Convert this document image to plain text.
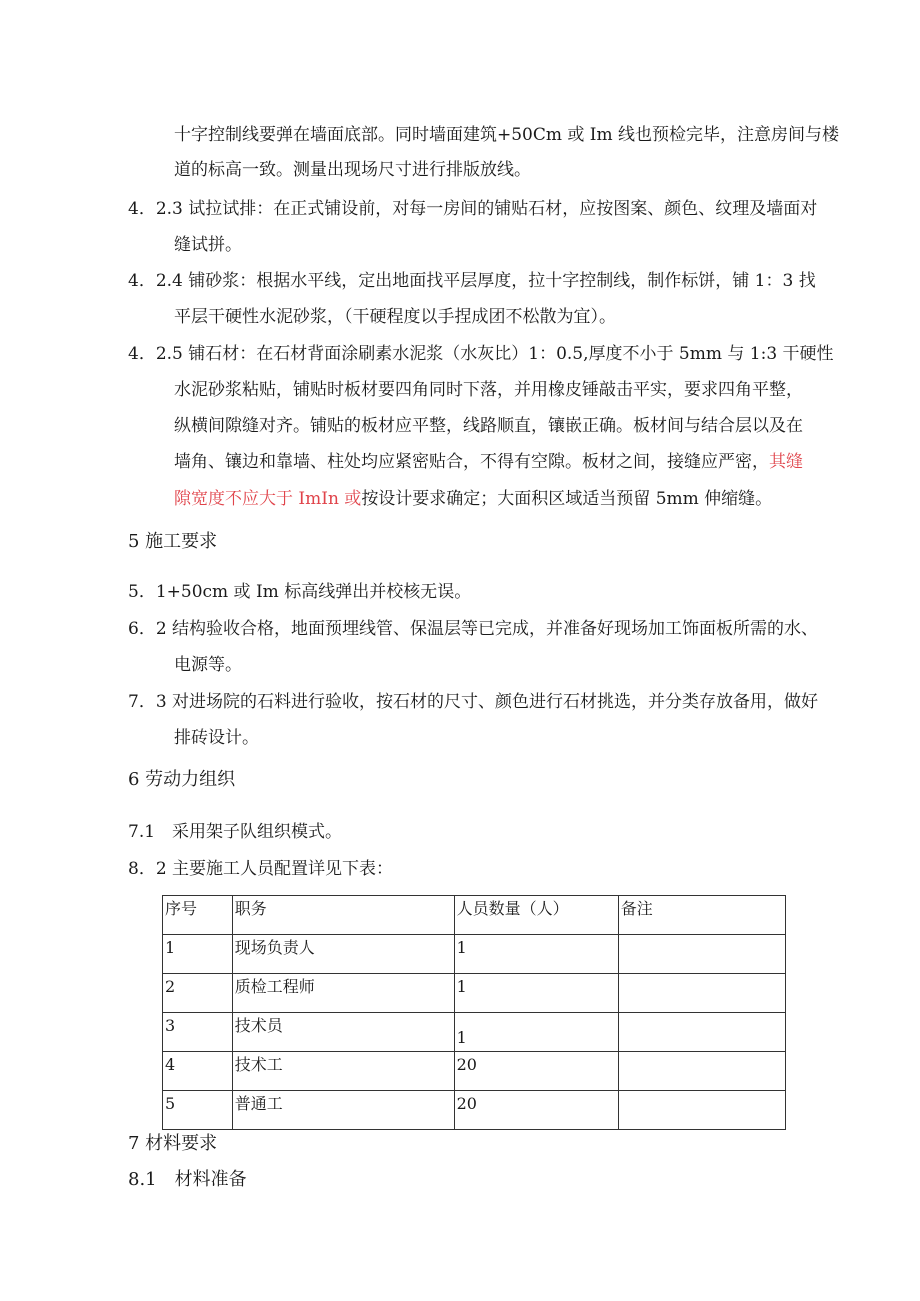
十字控制线要弹在墙面底部。同时墙面建筑+50Cm 或 Im 线也预检完毕，注意房间与楼
道的标高一致。测量出现场尺寸进行排版放线。
4．2.3 试拉试排：在正式铺设前，对每一房间的铺贴石材，应按图案、颜色、纹理及墙面对
缝试拼。
4．2.4 铺砂浆：根据水平线，定出地面找平层厚度，拉十字控制线，制作标饼，铺 1：3 找
平层干硬性水泥砂浆，（干硬程度以手捏成团不松散为宜）。
4．2.5 铺石材：在石材背面涂刷素水泥浆（水灰比）1：0.5,厚度不小于 5mm 与 1:3 干硬性
水泥砂浆粘贴，铺贴时板材要四角同时下落，并用橡皮锤敲击平实，要求四角平整，
纵横间隙缝对齐。铺贴的板材应平整，线路顺直，镶嵌正确。板材间与结合层以及在
墙角、镶边和靠墙、柱处均应紧密贴合，不得有空隙。板材之间，接缝应严密，其缝
隙宽度不应大于 ImIn 或按设计要求确定；大面积区域适当预留 5mm 伸缩缝。
5 施工要求
5．1+50cm 或 Im 标高线弹出并校核无误。
6．2 结构验收合格，地面预埋线管、保温层等已完成，并准备好现场加工饰面板所需的水、
电源等。
7．3 对进场院的石料进行验收，按石材的尺寸、颜色进行石材挑选，并分类存放备用，做好
排砖设计。
6 劳动力组织
7.1　采用架子队组织模式。
8．2 主要施工人员配置详见下表：
序号	职务	人员数量（人）	备注
1	现场负责人	1	
2	质检工程师	1	
3	技术员	1	
4	技术工	20	
5	普通工	20	
7 材料要求
8.1　材料准备
